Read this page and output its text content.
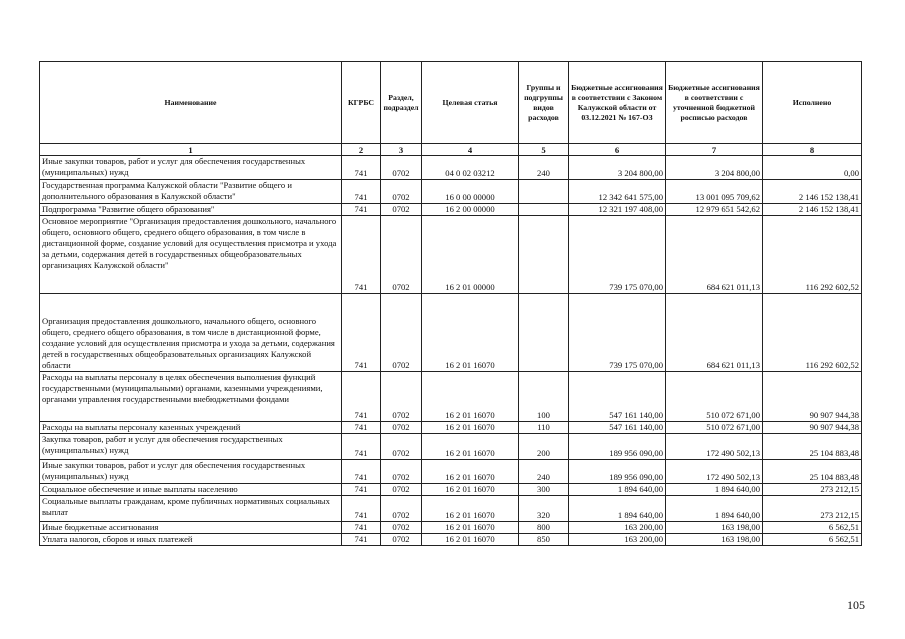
Наименование	КГРБС	Раздел, подраздел	Целевая статья	Группы и подгруппы видов расходов	Бюджетные ассигнования в соответствии с Законом Калужской области от 03.12.2021 № 167-ОЗ	Бюджетные ассигнования в соответствии с уточненной бюджетной росписью расходов	Исполнено
1	2	3	4	5	6	7	8
Иные закупки товаров, работ и услуг для обеспечения государственных (муниципальных) нужд	741	0702	04 0 02 03212	240	3 204 800,00	3 204 800,00	0,00
Государственная программа Калужской области "Развитие общего и дополнительного образования в Калужской области"	741	0702	16 0 00 00000		12 342 641 575,00	13 001 095 709,62	2 146 152 138,41
Подпрограмма "Развитие общего образования"	741	0702	16 2 00 00000		12 321 197 408,00	12 979 651 542,62	2 146 152 138,41
Основное мероприятие "Организация предоставления дошкольного, начального общего, основного общего, среднего общего образования, в том числе в дистанционной форме, создание условий для осуществления присмотра и ухода за детьми, содержания детей в государственных общеобразовательных организациях Калужской области"	741	0702	16 2 01 00000		739 175 070,00	684 621 011,13	116 292 602,52
Организация предоставления дошкольного, начального общего, основного общего, среднего общего образования, в том числе в дистанционной форме, создание условий для осуществления присмотра и ухода за детьми, содержания детей в государственных общеобразовательных организациях Калужской области	741	0702	16 2 01 16070		739 175 070,00	684 621 011,13	116 292 602,52
Расходы на выплаты персоналу в целях обеспечения выполнения функций государственными (муниципальными) органами, казенными учреждениями, органами управления государственными внебюджетными фондами	741	0702	16 2 01 16070	100	547 161 140,00	510 072 671,00	90 907 944,38
Расходы на выплаты персоналу казенных учреждений	741	0702	16 2 01 16070	110	547 161 140,00	510 072 671,00	90 907 944,38
Закупка товаров, работ и услуг для обеспечения государственных (муниципальных) нужд	741	0702	16 2 01 16070	200	189 956 090,00	172 490 502,13	25 104 883,48
Иные закупки товаров, работ и услуг для обеспечения государственных (муниципальных) нужд	741	0702	16 2 01 16070	240	189 956 090,00	172 490 502,13	25 104 883,48
Социальное обеспечение и иные выплаты населению	741	0702	16 2 01 16070	300	1 894 640,00	1 894 640,00	273 212,15
Социальные выплаты гражданам, кроме публичных нормативных социальных выплат	741	0702	16 2 01 16070	320	1 894 640,00	1 894 640,00	273 212,15
Иные бюджетные ассигнования	741	0702	16 2 01 16070	800	163 200,00	163 198,00	6 562,51
Уплата налогов, сборов и иных платежей	741	0702	16 2 01 16070	850	163 200,00	163 198,00	6 562,51
105
